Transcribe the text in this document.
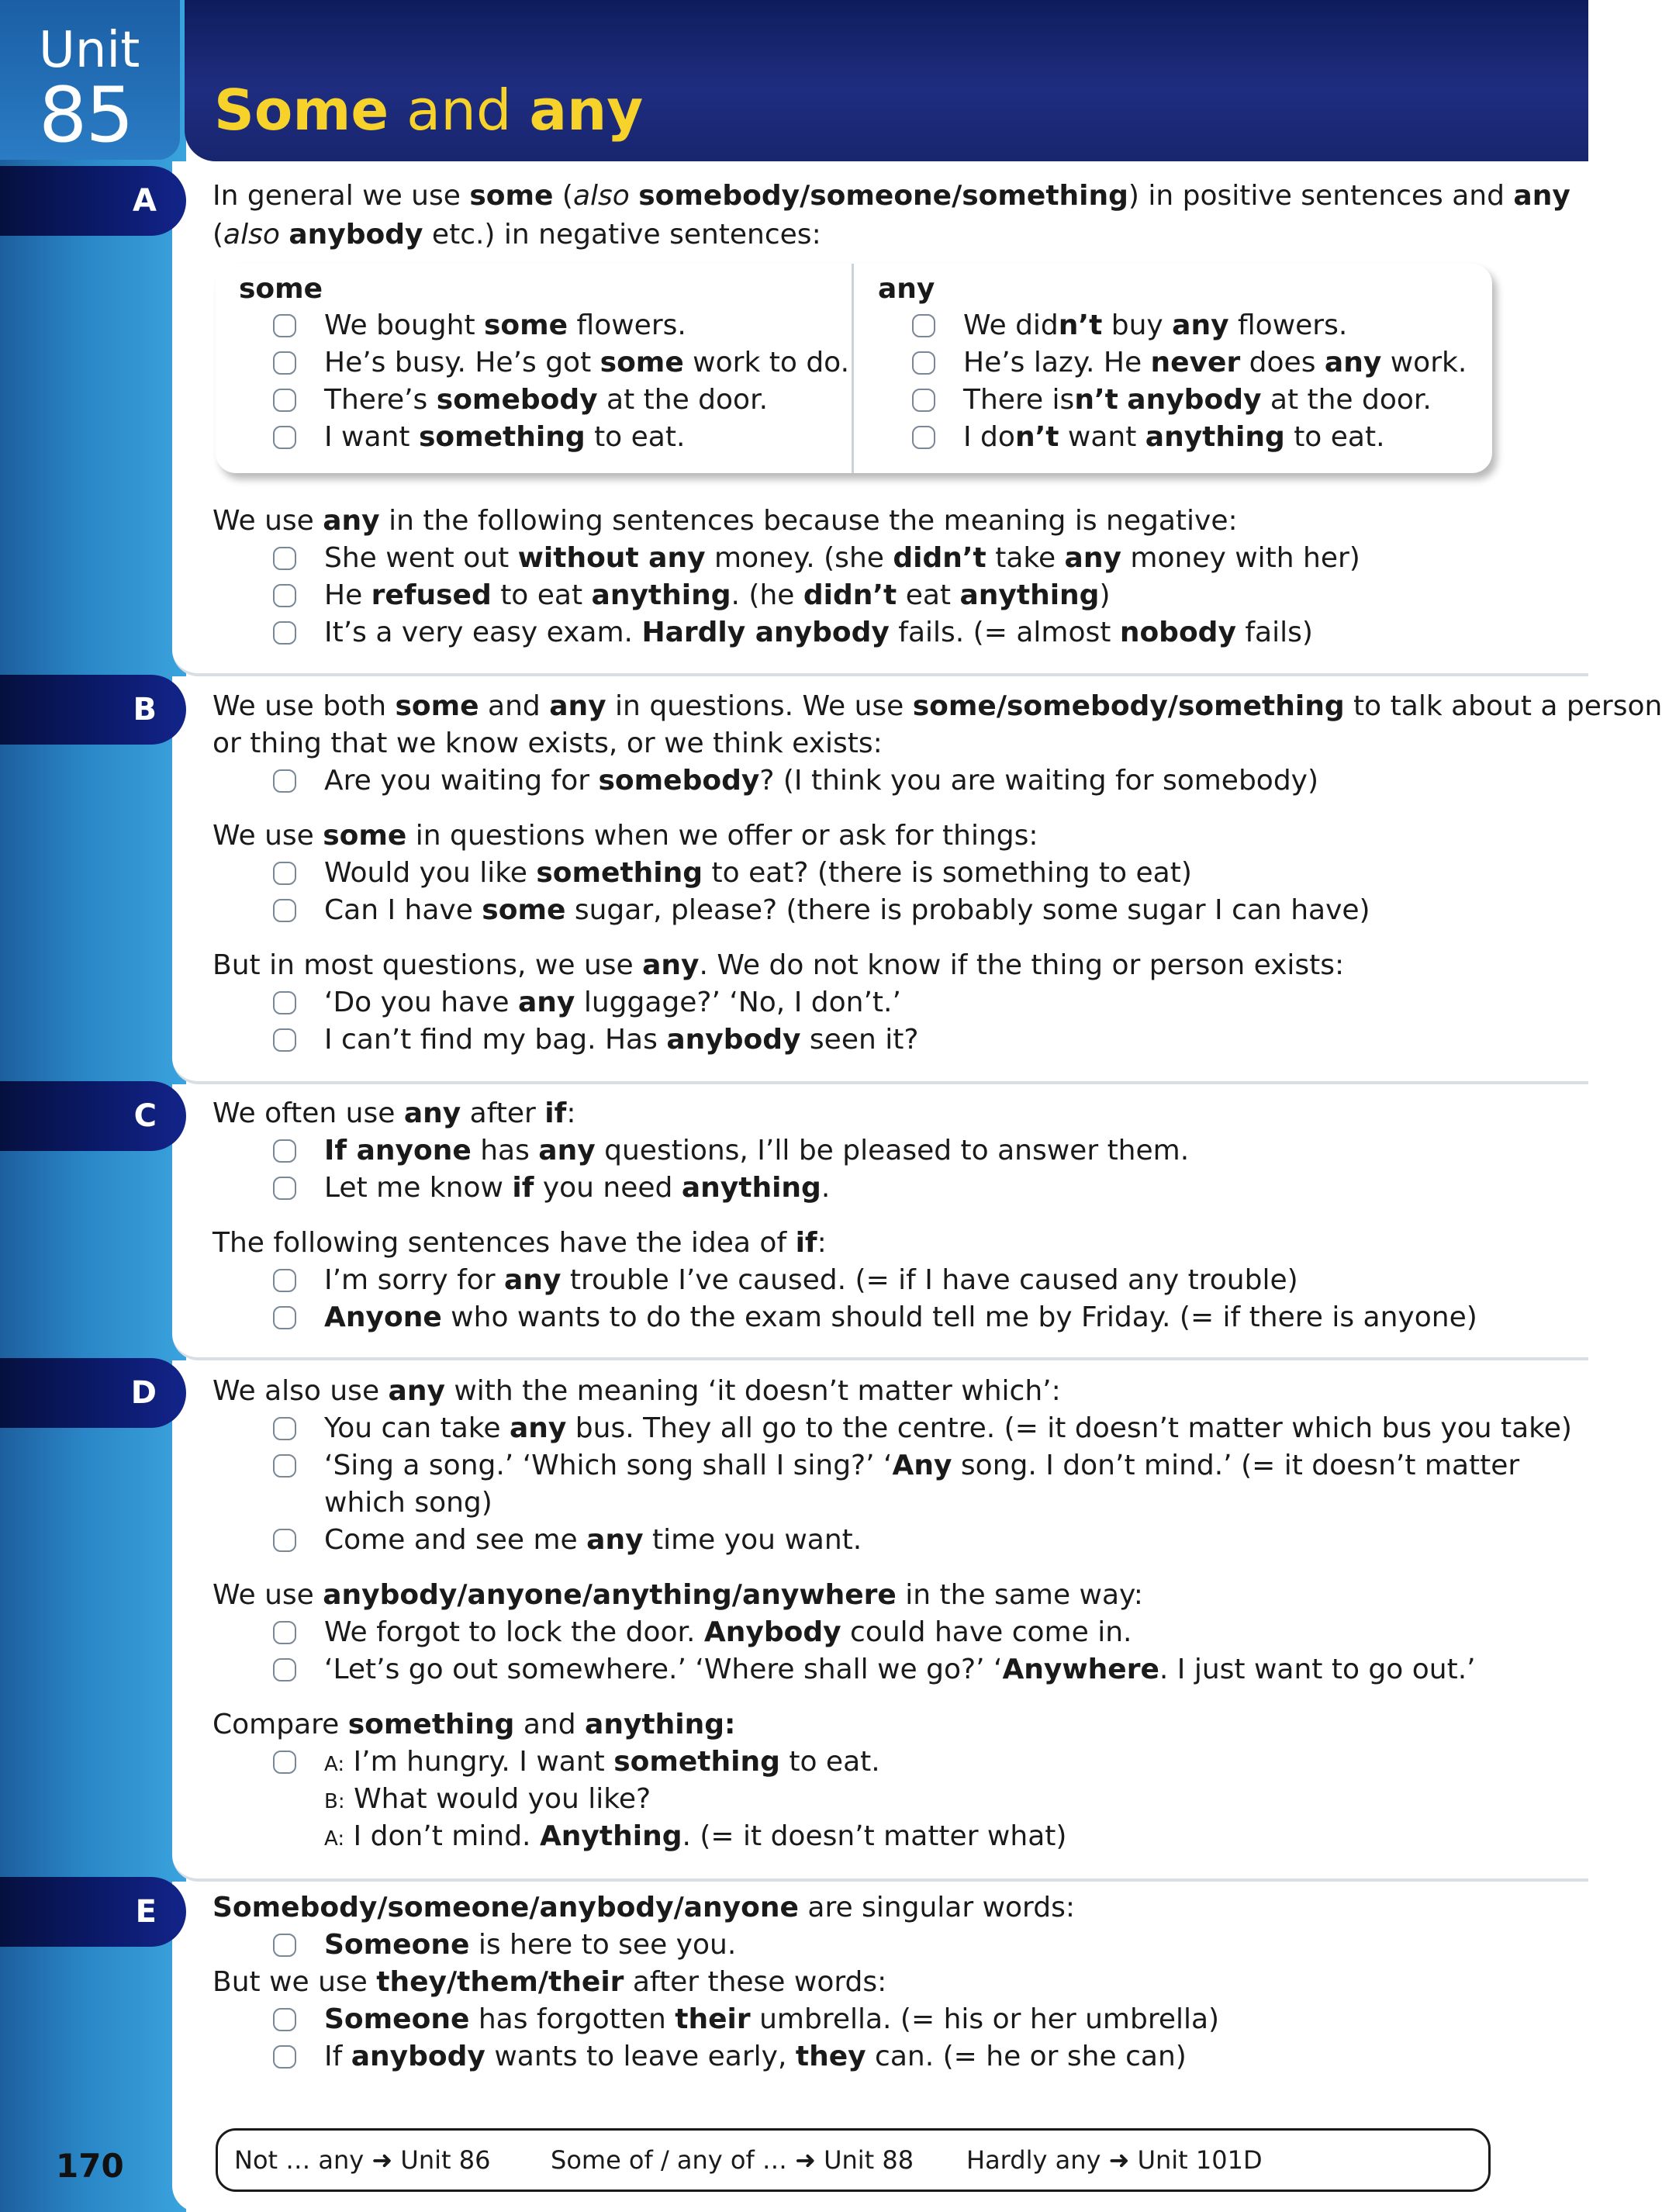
Unit
85 Some and any
A
B
C
D
E
In general we use some (also somebody/someone/something) in positive sentences and any
(also anybody etc.) in negative sentences:
some
We bought some flowers.
He’s busy. He’s got some work to do.
There’s somebody at the door.
I want something to eat.
any
We didn’t buy any flowers.
He’s lazy. He never does any work.
There isn’t anybody at the door.
I don’t want anything to eat.
We use any in the following sentences because the meaning is negative:
She went out without any money. (she didn’t take any money with her)
He refused to eat anything. (he didn’t eat anything)
It’s a very easy exam. Hardly anybody fails. (= almost nobody fails)
We use both some and any in questions. We use some/somebody/something to talk about a person
or thing that we know exists, or we think exists:
Are you waiting for somebody? (I think you are waiting for somebody)
We use some in questions when we offer or ask for things:
Would you like something to eat? (there is something to eat)
Can I have some sugar, please? (there is probably some sugar I can have)
But in most questions, we use any. We do not know if the thing or person exists:
‘Do you have any luggage?’ ‘No, I don’t.’
I can’t find my bag. Has anybody seen it?
We often use any after if:
If anyone has any questions, I’ll be pleased to answer them.
Let me know if you need anything.
The following sentences have the idea of if:
I’m sorry for any trouble I’ve caused. (= if I have caused any trouble)
Anyone who wants to do the exam should tell me by Friday. (= if there is anyone)
We also use any with the meaning ‘it doesn’t matter which’:
You can take any bus. They all go to the centre. (= it doesn’t matter which bus you take)
‘Sing a song.’ ‘Which song shall I sing?’ ‘Any song. I don’t mind.’ (= it doesn’t matter
which song)
Come and see me any time you want.
We use anybody/anyone/anything/anywhere in the same way:
We forgot to lock the door. Anybody could have come in.
‘Let’s go out somewhere.’ ‘Where shall we go?’ ‘Anywhere. I just want to go out.’
Compare something and anything:
A: I’m hungry. I want something to eat.
B: What would you like?
A: I don’t mind. Anything. (= it doesn’t matter what)
Somebody/someone/anybody/anyone are singular words:
Someone is here to see you.
But we use they/them/their after these words:
Someone has forgotten their umbrella. (= his or her umbrella)
If anybody wants to leave early, they can. (= he or she can)
Not … any ➜ Unit 86 Some of / any of … ➜ Unit 88 Hardly any ➜ Unit 101D
170
